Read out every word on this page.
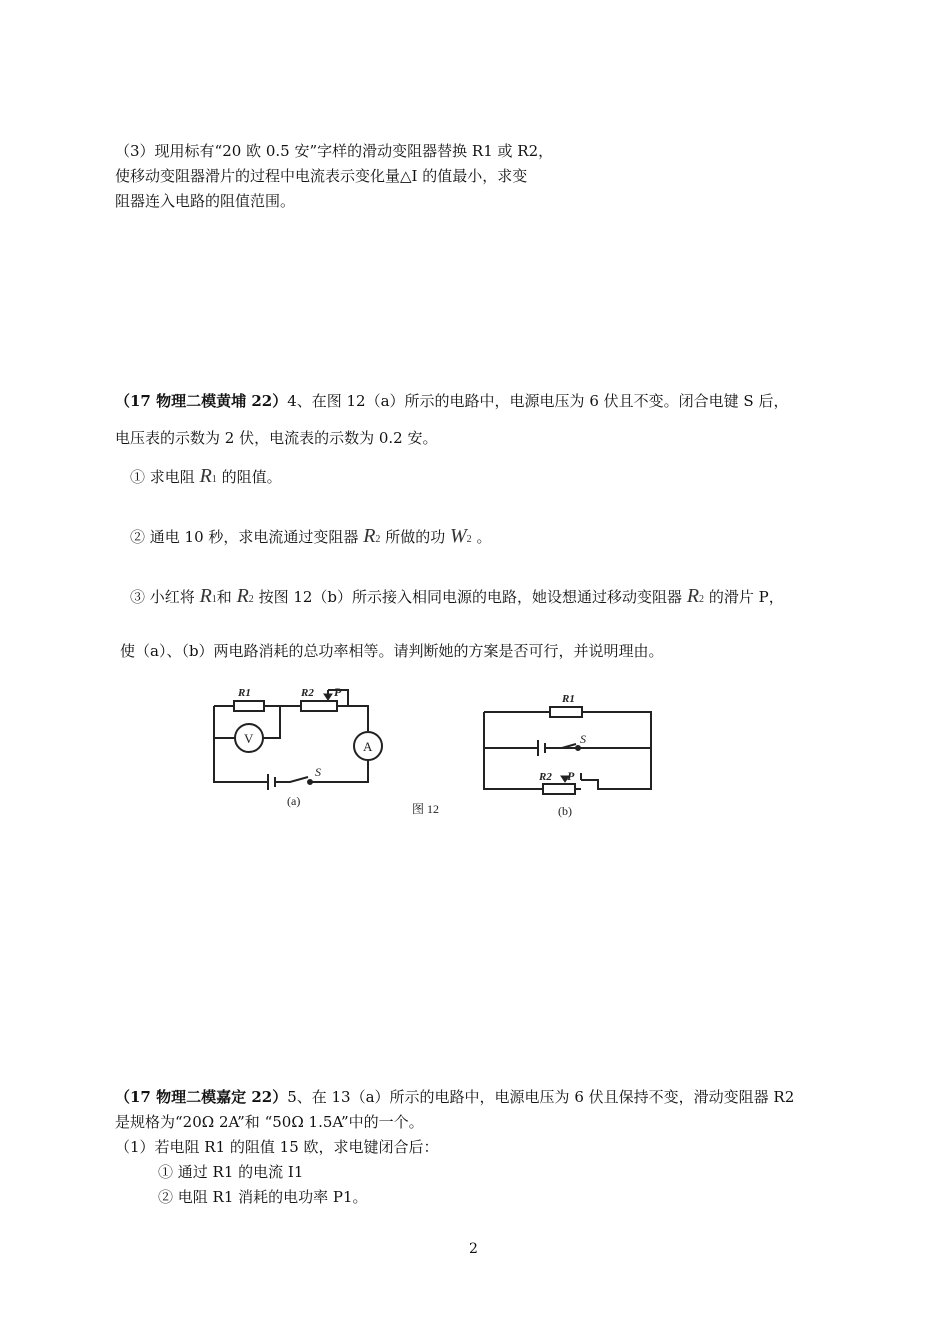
（3）现用标有“20 欧 0.5 安”字样的滑动变阻器替换 R1 或 R2，
使移动变阻器滑片的过程中电流表示变化量△I 的值最小，求变
阻器连入电路的阻值范围。
（17 物理二模黄埔 22）4、在图 12（a）所示的电路中，电源电压为 6 伏且不变。闭合电键 S 后，
电压表的示数为 2 伏，电流表的示数为 0.2 安。
① 求电阻 R1 的阻值。
② 通电 10 秒，求电流通过变阻器 R2 所做的功 W2 。
③ 小红将 R1和 R2 按图 12（b）所示接入相同电源的电路，她设想通过移动变阻器 R2 的滑片 P，
使（a）、（b）两电路消耗的总功率相等。请判断她的方案是否可行，并说明理由。
R1	R2 P
V
A
S
(a)
图 12
R1
S
R2 P
(b)
（17 物理二模嘉定 22）5、在 13（a）所示的电路中，电源电压为 6 伏且保持不变，滑动变阻器 R2
是规格为“20Ω 2A”和 “50Ω 1.5A”中的一个。
（1）若电阻 R1 的阻值 15 欧，求电键闭合后：
① 通过 R1 的电流 I1
② 电阻 R1 消耗的电功率 P1。
2
